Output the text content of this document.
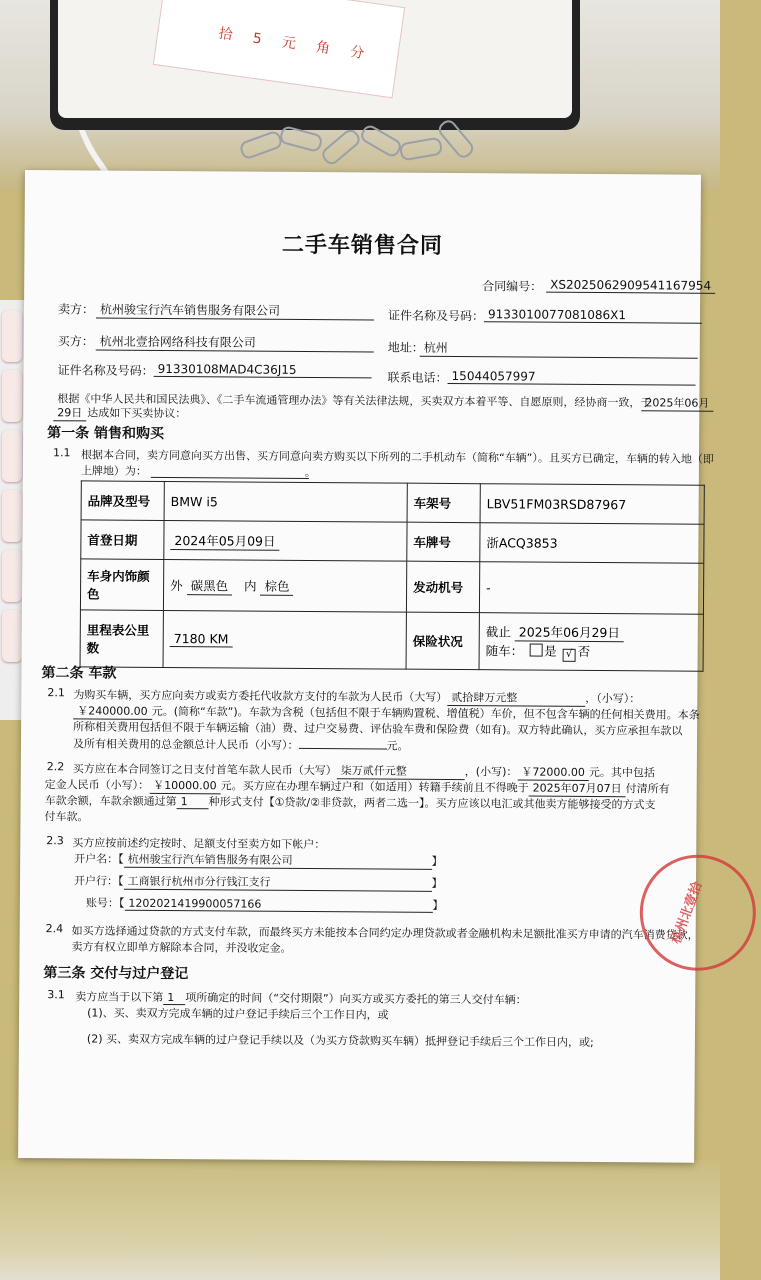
拾 5 元 角 分
二手车销售合同
合同编号： XS2025062909541167954
卖方： 杭州骏宝行汽车销售服务有限公司	证件名称及号码： 913301007708​1086X1
买方： 杭州北壹拾网络科技有限公司	地址： 杭州
证件名称及号码： 91330108MAD4C36J15
联系电话： 15044057997
根据《中华人民共和国民法典》、《二手车流通管理办法》等有关法律法规，买卖双方本着平等、自愿原则，经协商一致，于
2025年06月
29日 达成如下买卖协议：
第一条 销售和购买
1.1 根据本合同，卖方同意向买方出售、买方同意向卖方购买以下所列的二手机动车（简称“车辆”）。且买方已确定，车辆的转入地（即
上牌地）为：	。
品牌及型号	BMW i5	车架号	LBV51FM03RSD87967
首登日期	2024年05月09日	车牌号	浙ACQ3853
车身内饰颜色	外 碳黑色 内 棕色	发动机号	-
里程表公里数	7180 KM	保险状况	截止 2025年06月29日
随车： 是 √ 否
第二条 车款
2.1 为购买车辆，买方应向卖方或卖方委托代收款方支付的车款为人民币（大写） 贰拾肆万元整	，（小写）：
￥240000.00 元。(简称“车款”)。车款为含税（包括但不限于车辆购置税、增值税）车价，但不包含车辆的任何相关费用。本条
所称相关费用包括但不限于车辆运输（油）费、过户交易费、评估验车费和保险费（如有)。双方特此确认，买方应承担车款以
及所有相关费用的总金额总计人民币（小写）：	元。
2.2 买方应在本合同签订之日支付首笔车款人民币（大写） 柒万贰仟元整	，(小写)： ￥72000.00 元。其中包括
定金人民币（小写）： ￥10000.00 元。买方应在办理车辆过户和（如适用）转籍手续前且不得晚于 2025年07月07日 付清所有
车款余额，车款余额通过第 1 种形式支付【①贷款/②非贷款，两者二选一】。买方应该以电汇或其他卖方能够接受的方式支
付车款。
2.3 买方应按前述约定按时、足额支付至卖方如下帐户：
开户名：【 杭州骏宝行汽车销售服务有限公司	】
开户行：【 工商银行杭州市分行钱江支行	】
账号：【 1202021419900057166	】
2.4 如买方选择通过贷款的方式支付车款，而最终买方未能按本合同约定办理贷款或者金融机构未足额批准买方申请的汽车消费贷款，
卖方有权立即单方解除本合同，并没收定金。
第三条 交付与过户登记
3.1 卖方应当于以下第 1 项所确定的时间（“交付期限”）向买方或买方委托的第三人交付车辆：
(1)、买、卖双方完成车辆的过户登记手续后三个工作日内，或
(2) 买、卖双方完成车辆的过户登记手续以及（为买方贷款购买车辆）抵押登记手续后三个工作日内，或;
杭州北壹拾
